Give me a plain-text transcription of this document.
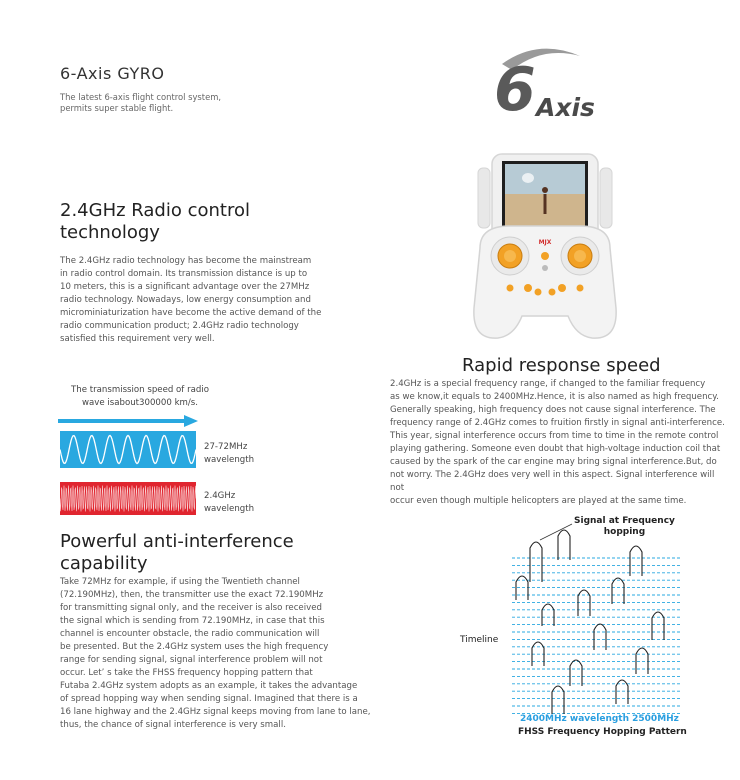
6-Axis GYRO
The latest 6-axis flight control system, permits super stable flight.	6 Axis
2.4GHz Radio control
technology
The 2.4GHz radio technology has become the mainstream
in radio control domain. Its transmission distance is up to
10 meters, this is a significant advantage over the 27MHz
radio technology. Nowadays, low energy consumption and
microminiaturization have become the active demand of the
radio communication product; 2.4GHz radio technology
satisfied this requirement very well.
The transmission speed of radio
wave isabout300000 km/s.
27-72MHz
wavelength
2.4GHz
wavelength
Powerful anti-interference
capability
Take 72MHz for example, if using the Twentieth channel
(72.190MHz), then, the transmitter use the exact 72.190MHz
for transmitting signal only, and the receiver is also received
the signal which is sending from 72.190MHz, in case that this
channel is encounter obstacle, the radio communication will
be presented. But the 2.4GHz system uses the high frequency
range for sending signal, signal interference problem will not
occur. Let’ s take the FHSS frequency hopping pattern that
Futaba 2.4GHz system adopts as an example, it takes the advantage
of spread hopping way when sending signal. Imagined that there is a
16 lane highway and the 2.4GHz signal keeps moving from lane to lane,
thus, the chance of signal interference is very small.
MJX
Rapid response speed
2.4GHz is a special frequency range, if changed to the familiar frequency
as we know,it equals to 2400MHz.Hence, it is also named as high frequency.
Generally speaking, high frequency does not cause signal interference. The
frequency range of 2.4GHz comes to fruition firstly in signal anti-interference.
This year, signal interference occurs from time to time in the remote control
playing gathering. Someone even doubt that high-voltage induction coil that
caused by the spark of the car engine may bring signal interference.But, do
not worry. The 2.4GHz does very well in this aspect. Signal interference will not
occur even though multiple helicopters are played at the same time.
Signal at Frequency
hopping
Timeline
2400MHz wavelength 2500MHz
FHSS Frequency Hopping Pattern
